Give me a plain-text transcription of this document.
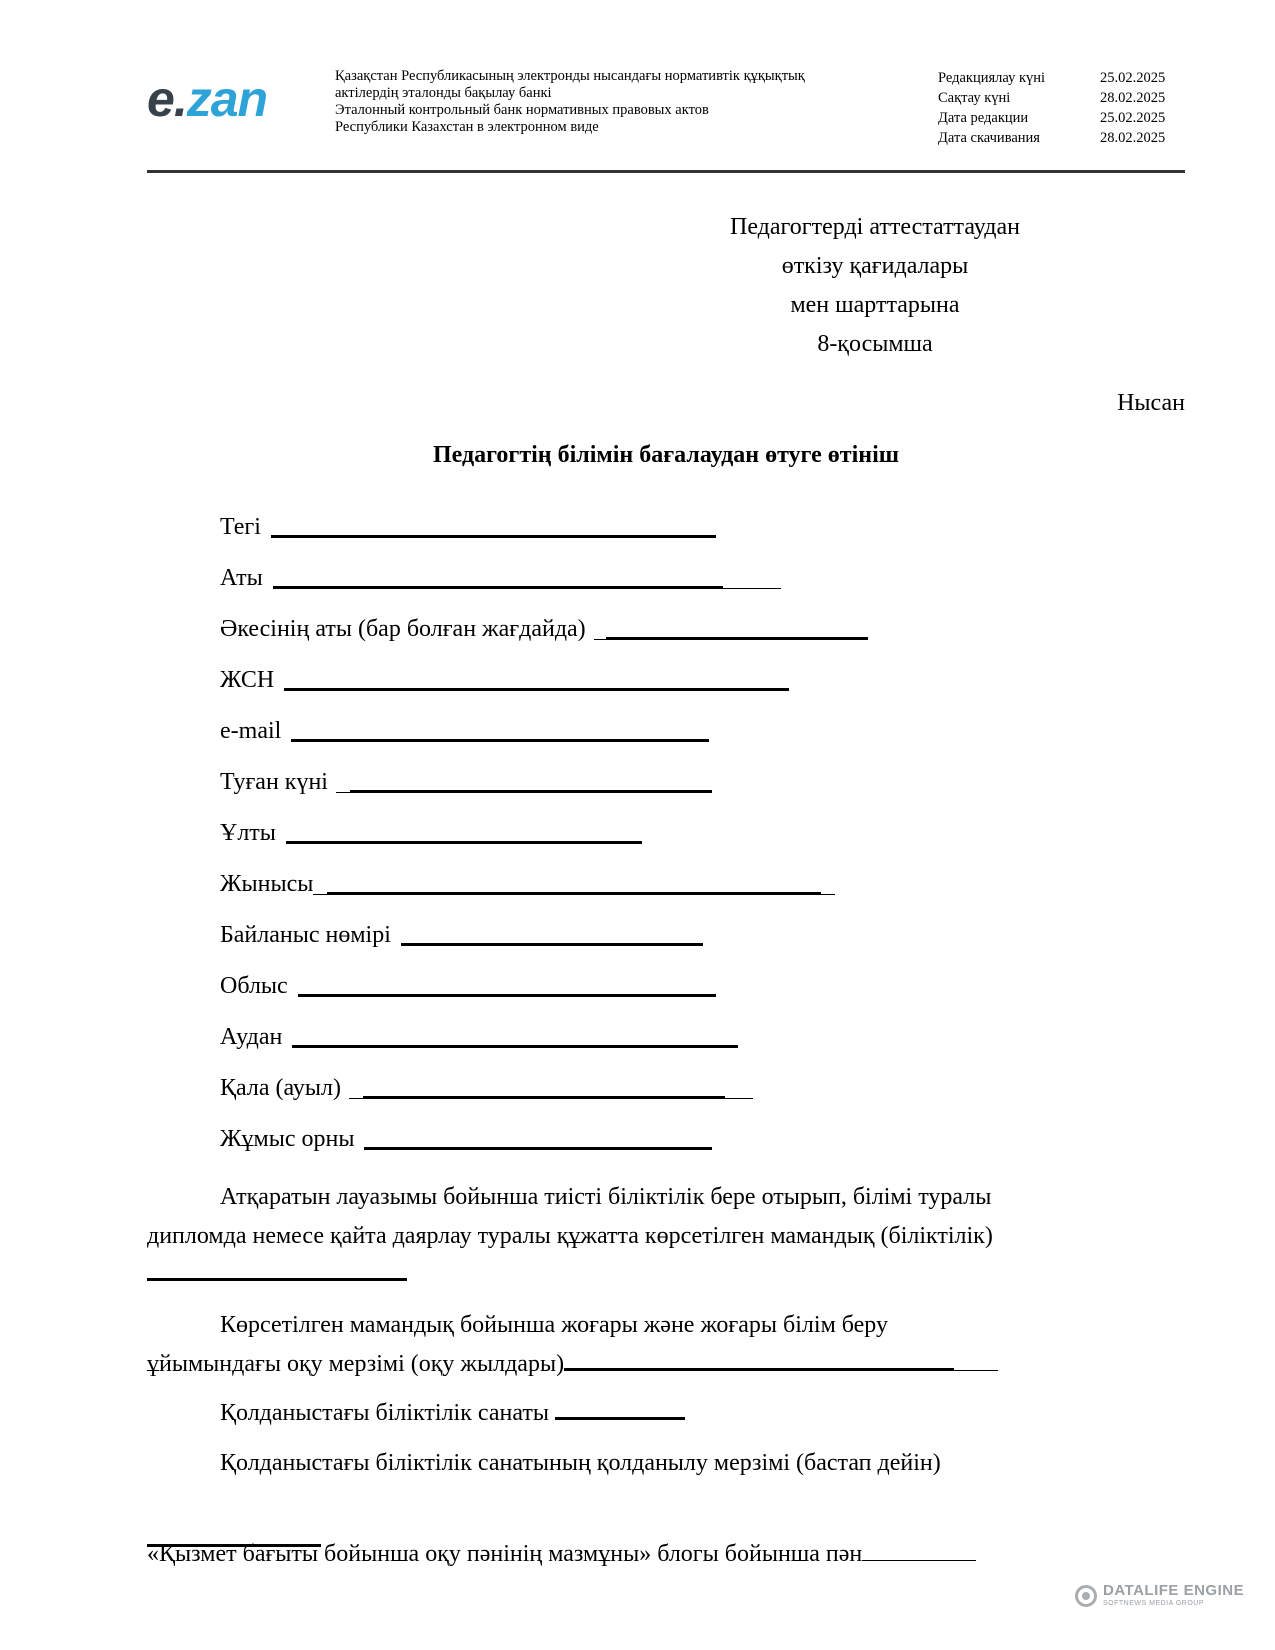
e.zan	Қазақстан Республикасының электронды нысандағы нормативтік құқықтық
актілердің эталонды бақылау банкі
Эталонный контрольный банк нормативных правовых актов
Республики Казахстан в электронном виде
Редакциялау күні	25.02.2025
Сақтау күні	28.02.2025
Дата редакции	25.02.2025
Дата скачивания	28.02.2025
Педагогтерді аттестаттаудан
өткізу қағидалары
мен шарттарына
8-қосымша
Нысан
Педагогтің білімін бағалаудан өтуге өтініш
Тегі
Аты
Әкесінің аты (бар болған жағдайда)
ЖСН
e-mail
Туған күні
Ұлты
Жынысы
Байланыс нөмірі
Облыс
Аудан
Қала (ауыл)
Жұмыс орны
Атқаратын лауазымы бойынша тиісті біліктілік бере отырып, білімі туралы
дипломда немесе қайта даярлау туралы құжатта көрсетілген мамандық (біліктілік)
Көрсетілген мамандық бойынша жоғары және жоғары білім беру
ұйымындағы оқу мерзімі (оқу жылдары)
Қолданыстағы біліктілік санаты
Қолданыстағы біліктілік санатының қолданылу мерзімі (бастап дейін)
«Қызмет бағыты бойынша оқу пәнінің мазмұны» блогы бойынша пән
DATALIFE ENGINE
SOFTNEWS MEDIA GROUP
